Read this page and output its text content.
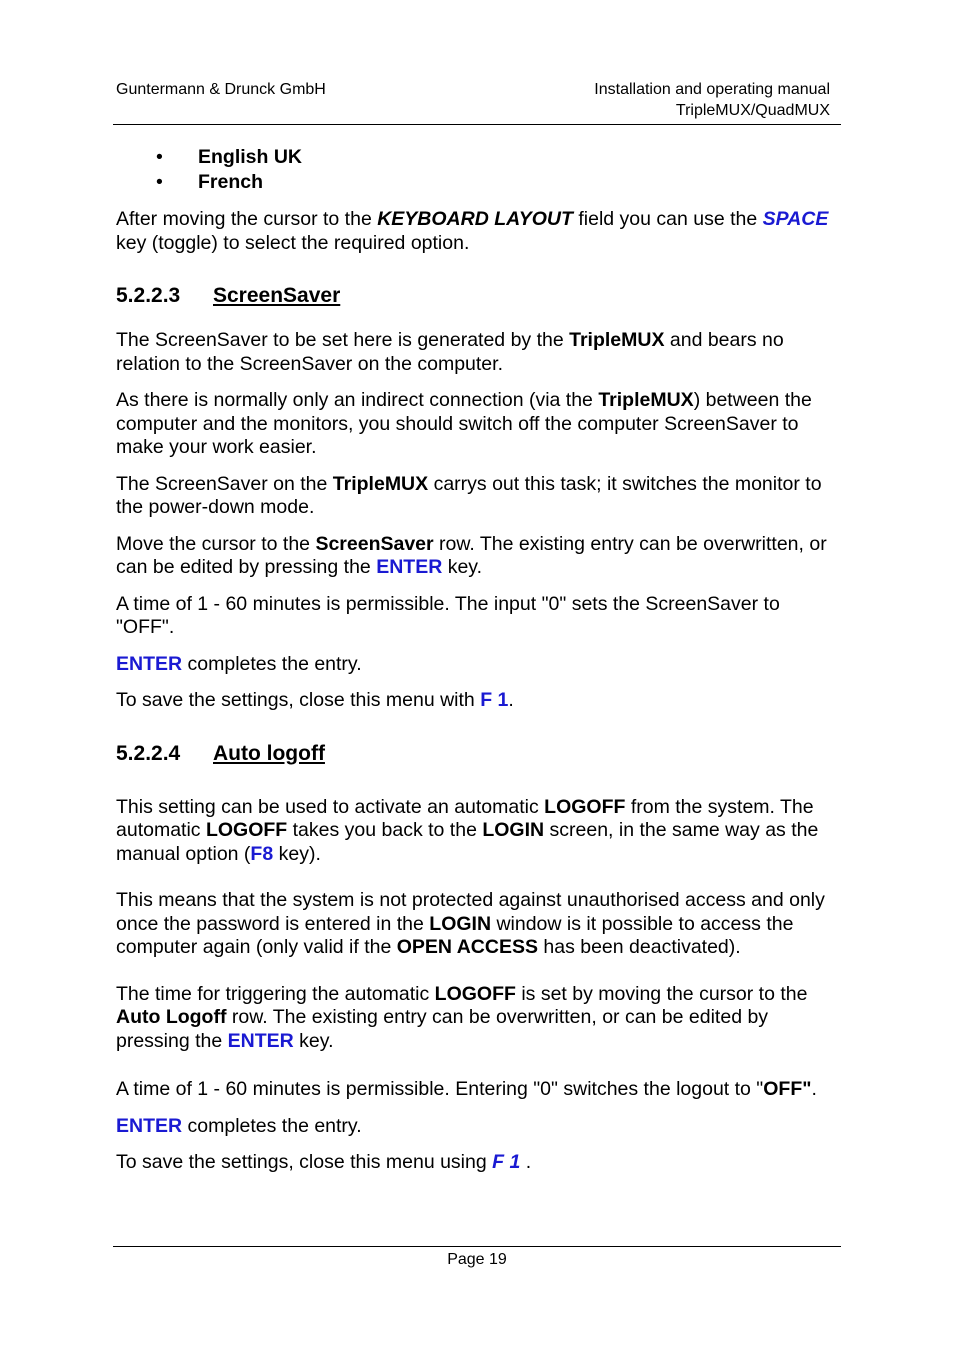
Guntermann & Drunck GmbH	Installation and operating manual
TripleMUX/QuadMUX
• English UK
• French

After moving the cursor to the KEYBOARD LAYOUT field you can use the SPACE key (toggle) to select the required option.

5.2.2.3 ScreenSaver

The ScreenSaver to be set here is generated by the TripleMUX and bears no relation to the ScreenSaver on the computer.

As there is normally only an indirect connection (via the TripleMUX) between the computer and the monitors, you should switch off the computer ScreenSaver to make your work easier.

The ScreenSaver on the TripleMUX carrys out this task; it switches the monitor to the power-down mode.

Move the cursor to the ScreenSaver row. The existing entry can be overwritten, or can be edited by pressing the ENTER key.

A time of 1 - 60 minutes is permissible. The input "0" sets the ScreenSaver to "OFF".

ENTER completes the entry.

To save the settings, close this menu with F 1.

5.2.2.4 Auto logoff

This setting can be used to activate an automatic LOGOFF from the system. The automatic LOGOFF takes you back to the LOGIN screen, in the same way as the manual option (F8 key).

This means that the system is not protected against unauthorised access and only once the password is entered in the LOGIN window is it possible to access the computer again (only valid if the OPEN ACCESS has been deactivated).

The time for triggering the automatic LOGOFF is set by moving the cursor to the Auto Logoff row. The existing entry can be overwritten, or can be edited by pressing the ENTER key.

A time of 1 - 60 minutes is permissible. Entering "0" switches the logout to "OFF".

ENTER completes the entry.

To save the settings, close this menu using F 1 .

Page 19
